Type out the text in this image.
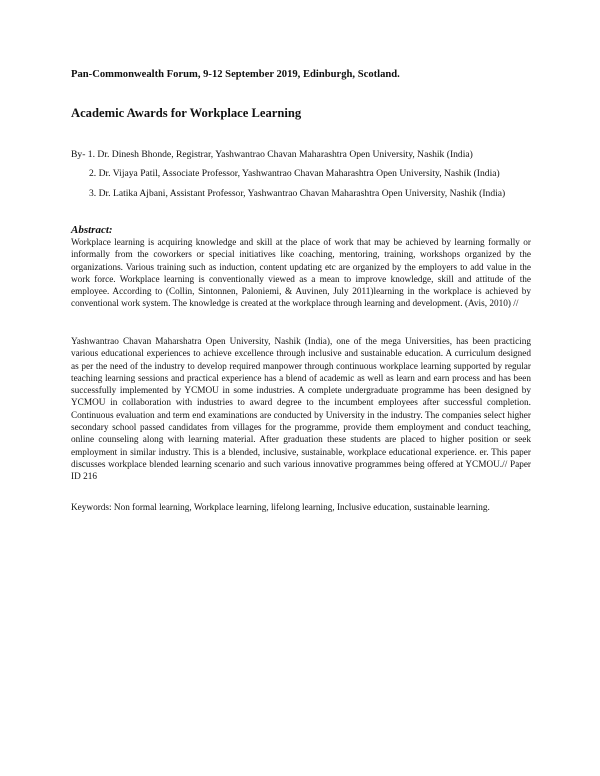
Pan-Commonwealth Forum, 9-12 September 2019, Edinburgh, Scotland.
Academic Awards for Workplace Learning
By- 1. Dr. Dinesh Bhonde, Registrar, Yashwantrao Chavan Maharashtra Open University, Nashik (India)
2. Dr. Vijaya Patil, Associate Professor, Yashwantrao Chavan Maharashtra Open University, Nashik (India)
3. Dr. Latika Ajbani, Assistant Professor, Yashwantrao Chavan Maharashtra Open University, Nashik (India)
Abstract:

Workplace learning is acquiring knowledge and skill at the place of work that may be achieved by learning formally or informally from the coworkers or special initiatives like coaching, mentoring, training, workshops organized by the organizations. Various training such as induction, content updating etc are organized by the employers to add value in the work force. Workplace learning is conventionally viewed as a mean to improve knowledge, skill and attitude of the employee. According to (Collin, Sintonnen, Paloniemi, & Auvinen, July 2011)learning in the workplace is achieved by conventional work system. The knowledge is created at the workplace through learning and development. (Avis, 2010) //

Yashwantrao Chavan Maharshatra Open University, Nashik (India), one of the mega Universities, has been practicing various educational experiences to achieve excellence through inclusive and sustainable education. A curriculum designed as per the need of the industry to develop required manpower through continuous workplace learning supported by regular teaching learning sessions and practical experience has a blend of academic as well as learn and earn process and has been successfully implemented by YCMOU in some industries. A complete undergraduate programme has been designed by YCMOU in collaboration with industries to award degree to the incumbent employees after successful completion. Continuous evaluation and term end examinations are conducted by University in the industry. The companies select higher secondary school passed candidates from villages for the programme, provide them employment and conduct teaching, online counseling along with learning material. After graduation these students are placed to higher position or seek employment in similar industry. This is a blended, inclusive, sustainable, workplace educational experience. er. This paper discusses workplace blended learning scenario and such various innovative programmes being offered at YCMOU.// Paper ID 216

Keywords: Non formal learning, Workplace learning, lifelong learning, Inclusive education, sustainable learning.
